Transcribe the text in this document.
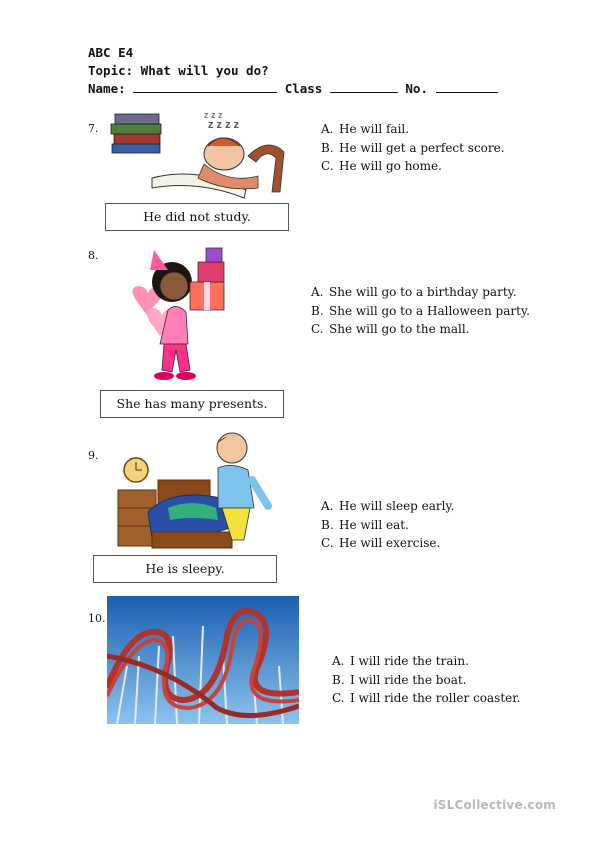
ABC E4
Topic: What will you do?
Name:	Class	No.
7.	z z z z
z z z
He did not study.
A. He will fail.
B. He will get a perfect score.
C. He will go home.
8.
She has many presents.
A. She will go to a birthday party.
B. She will go to a Halloween party.
C. She will go to the mall.
9.
He is sleepy.
A. He will sleep early.
B. He will eat.
C. He will exercise.
10.
A. I will ride the train.
B. I will ride the boat.
C. I will ride the roller coaster.
iSLCollective.com
